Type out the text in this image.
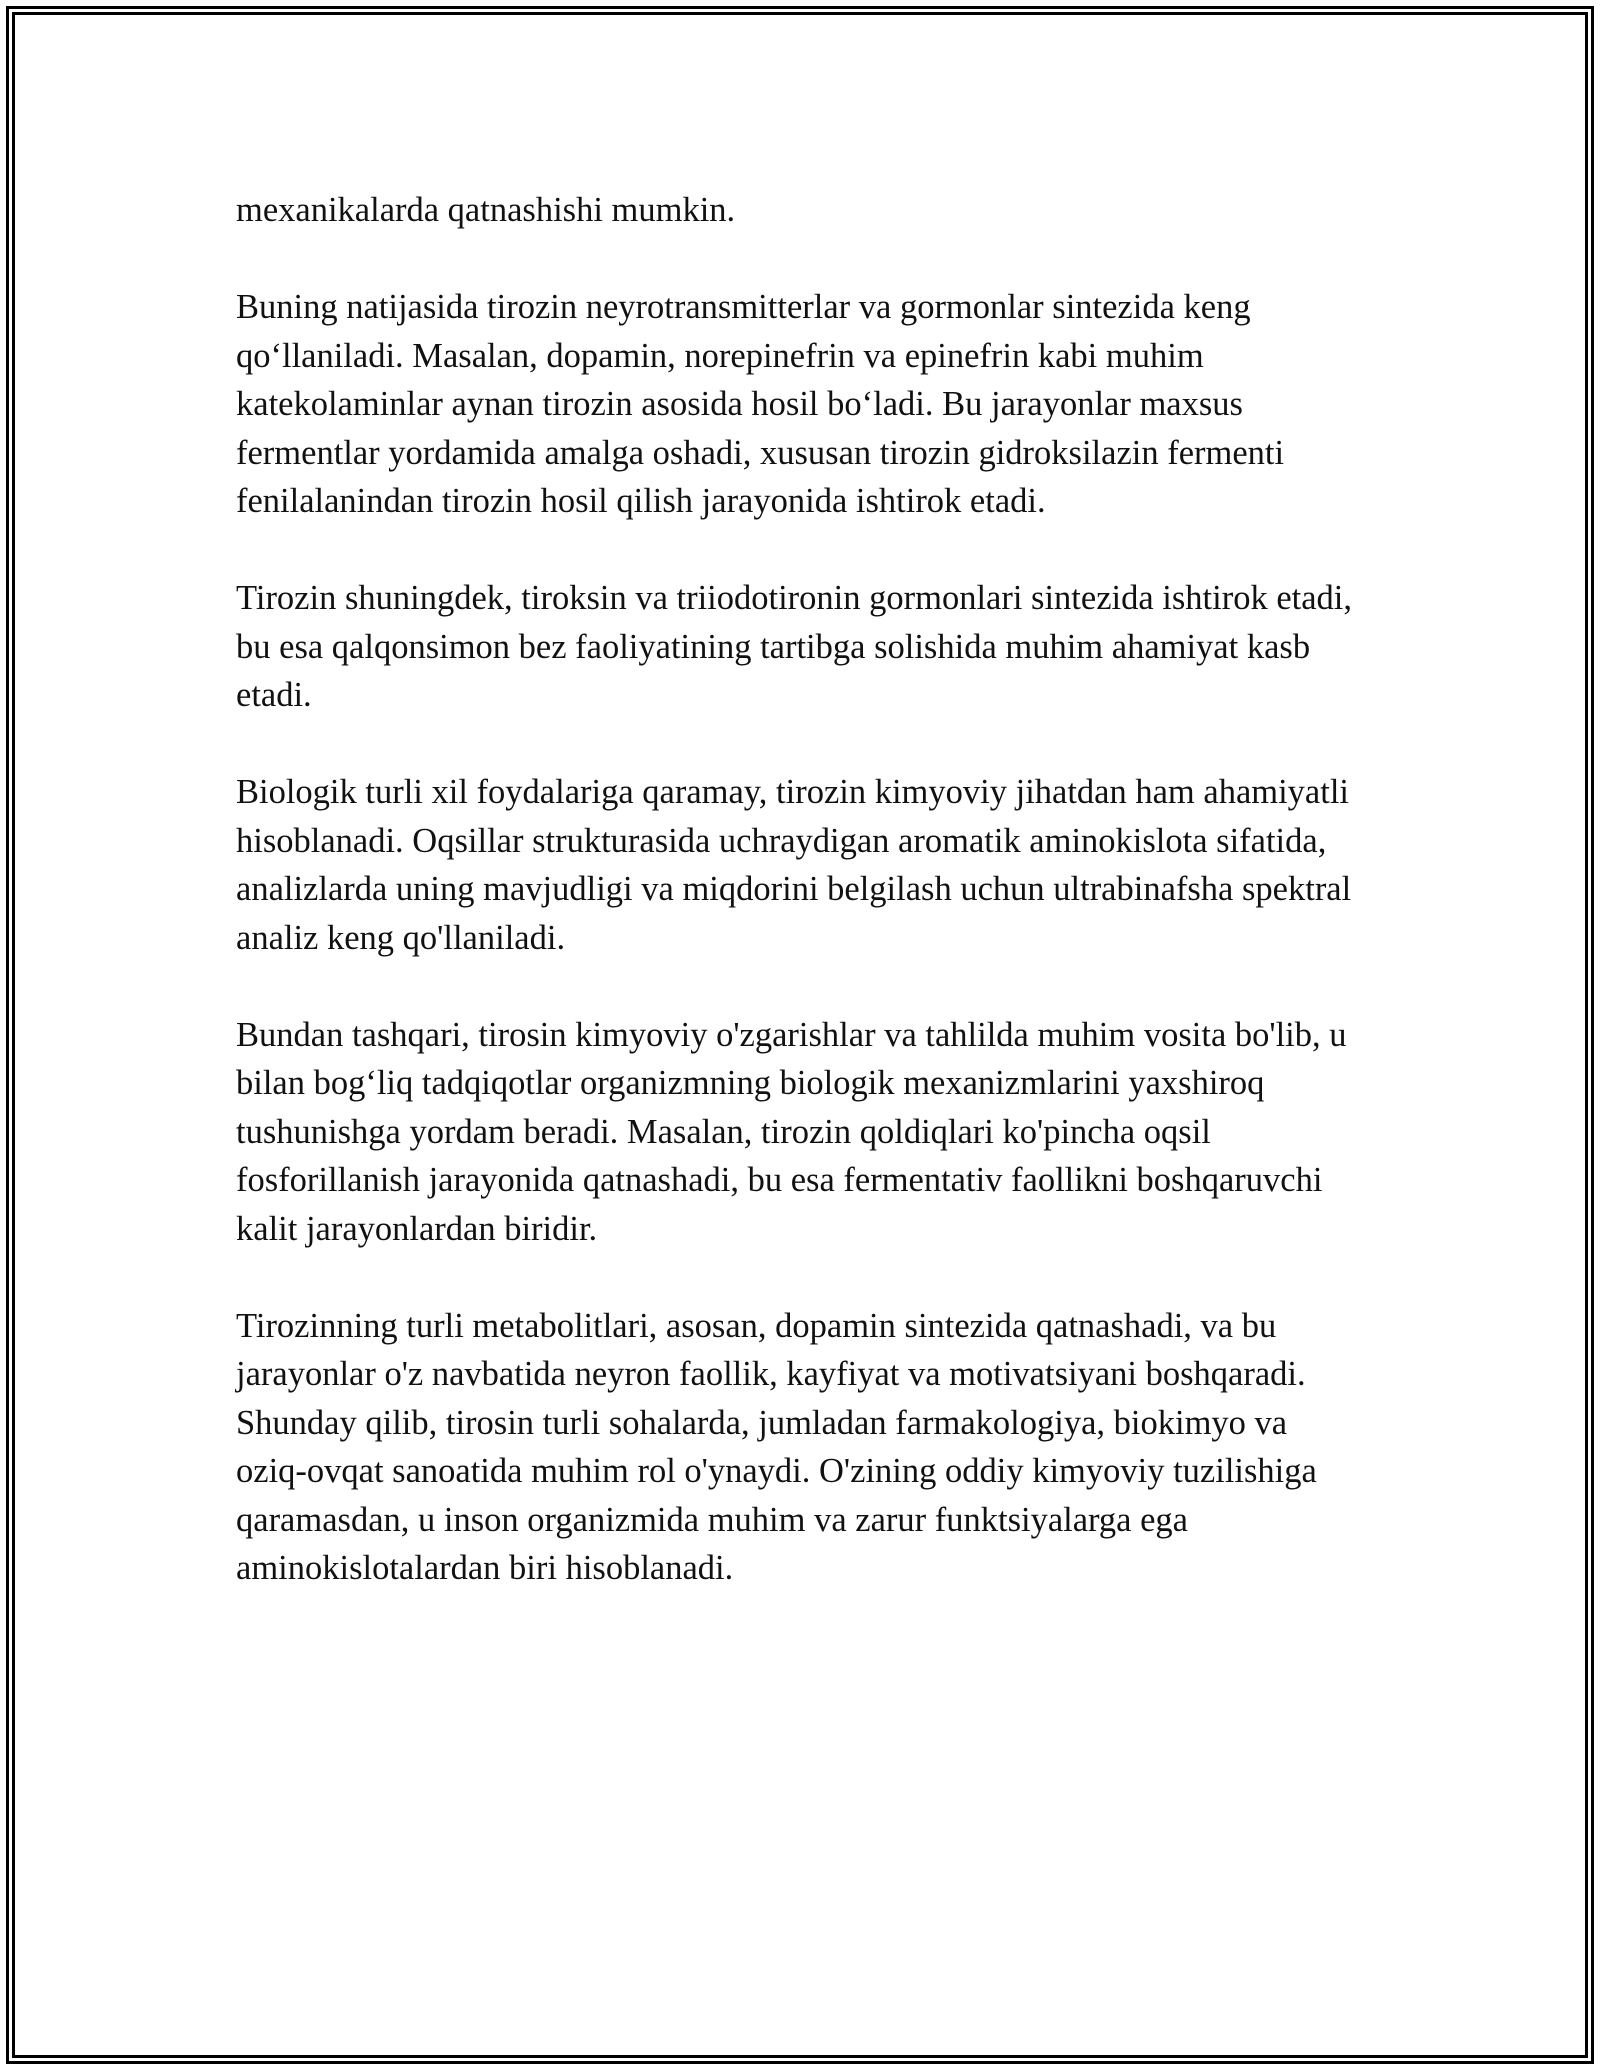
mexanikalarda qatnashishi mumkin.

Buning natijasida tirozin neyrotransmitterlar va gormonlar sintezida keng qo‘llaniladi. Masalan, dopamin, norepinefrin va epinefrin kabi muhim katekolaminlar aynan tirozin asosida hosil bo‘ladi. Bu jarayonlar maxsus fermentlar yordamida amalga oshadi, xususan tirozin gidroksilazin fermenti fenilalanindan tirozin hosil qilish jarayonida ishtirok etadi.

Tirozin shuningdek, tiroksin va triiodotironin gormonlari sintezida ishtirok etadi, bu esa qalqonsimon bez faoliyatining tartibga solishida muhim ahamiyat kasb etadi.

Biologik turli xil foydalariga qaramay, tirozin kimyoviy jihatdan ham ahamiyatli hisoblanadi. Oqsillar strukturasida uchraydigan aromatik aminokislota sifatida, analizlarda uning mavjudligi va miqdorini belgilash uchun ultrabinafsha spektral analiz keng qo'llaniladi.

Bundan tashqari, tirosin kimyoviy o'zgarishlar va tahlilda muhim vosita bo'lib, u bilan bog‘liq tadqiqotlar organizmning biologik mexanizmlarini yaxshiroq tushunishga yordam beradi. Masalan, tirozin qoldiqlari ko'pincha oqsil fosforillanish jarayonida qatnashadi, bu esa fermentativ faollikni boshqaruvchi kalit jarayonlardan biridir.

Tirozinning turli metabolitlari, asosan, dopamin sintezida qatnashadi, va bu jarayonlar o'z navbatida neyron faollik, kayfiyat va motivatsiyani boshqaradi. Shunday qilib, tirosin turli sohalarda, jumladan farmakologiya, biokimyo va oziq-ovqat sanoatida muhim rol o'ynaydi. O'zining oddiy kimyoviy tuzilishiga qaramasdan, u inson organizmida muhim va zarur funktsiyalarga ega aminokislotalardan biri hisoblanadi.
